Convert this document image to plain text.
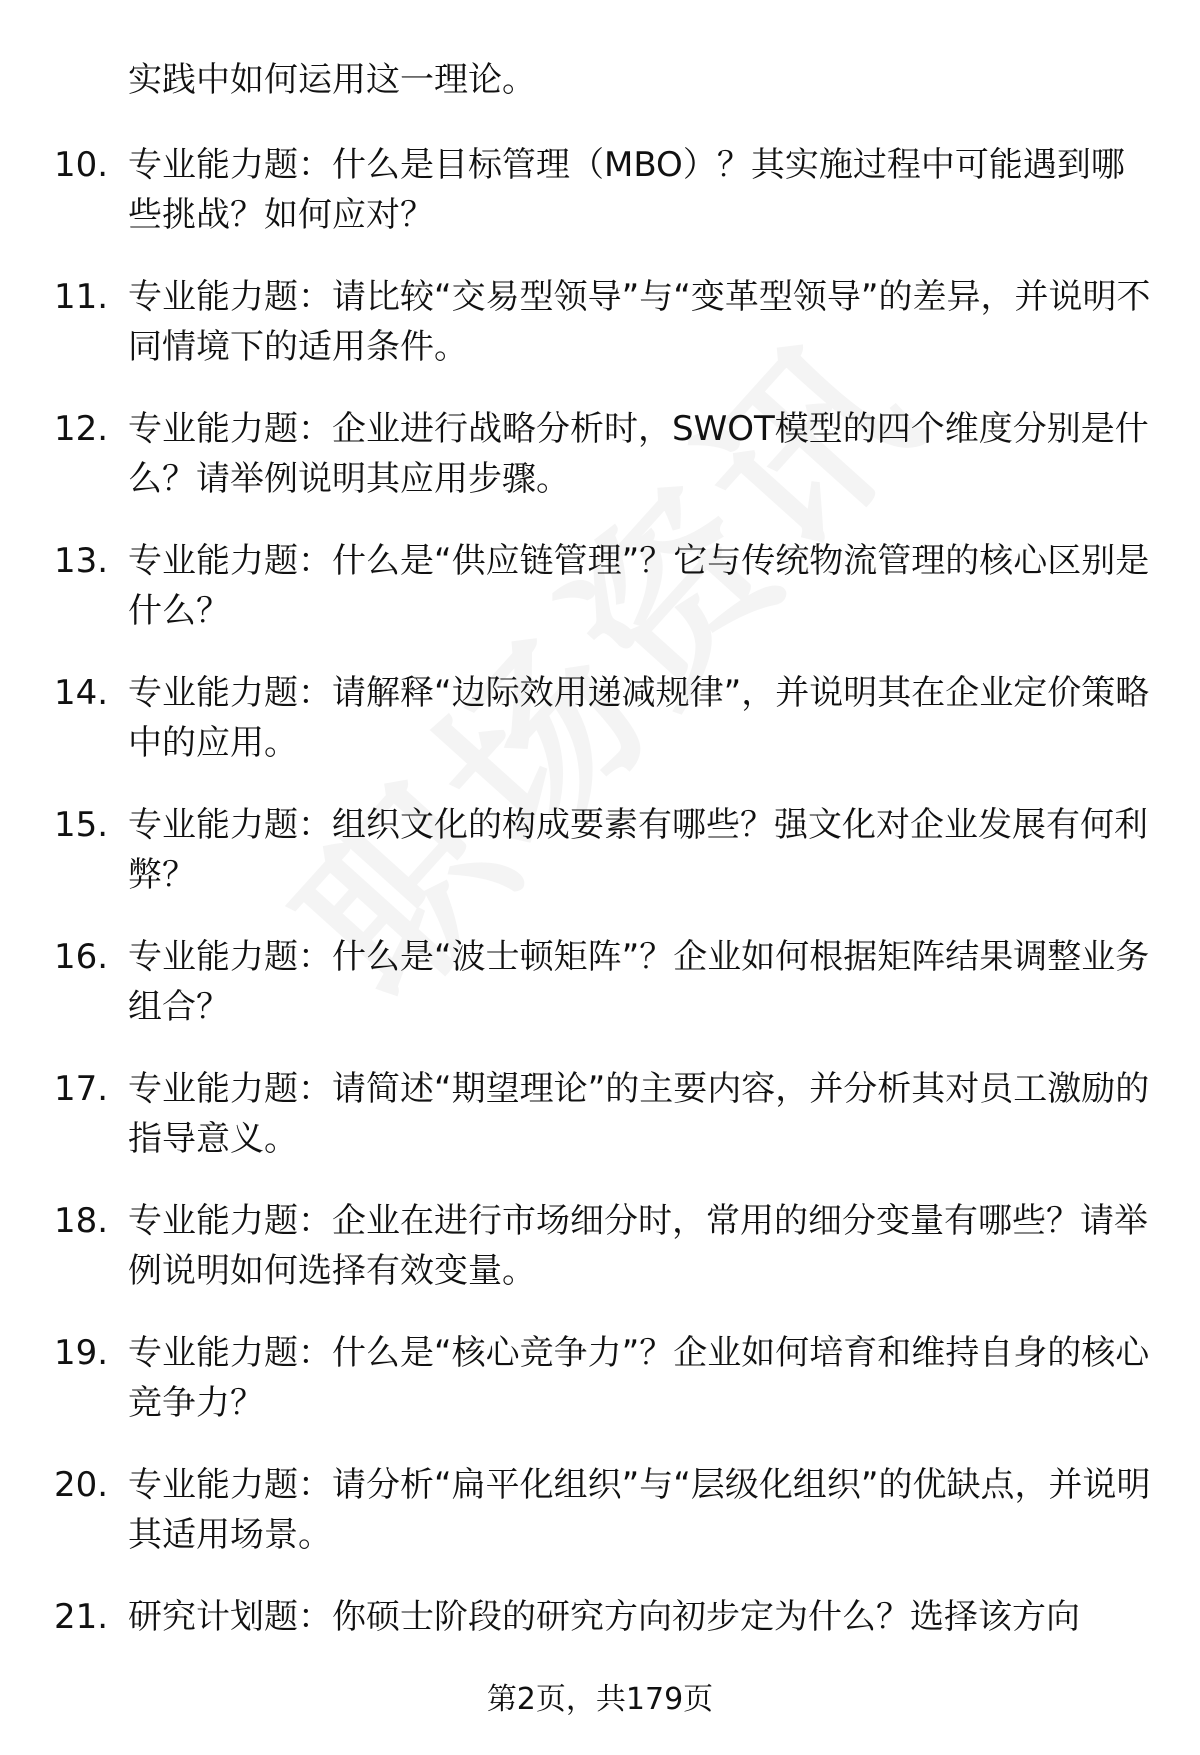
实践中如何运用这一理论。
10. 专业能力题：什么是目标管理（MBO）？其实施过程中可能遇到哪些挑战？如何应对？
11. 专业能力题：请比较“交易型领导”与“变革型领导”的差异，并说明不同情境下的适用条件。
12. 专业能力题：企业进行战略分析时，SWOT模型的四个维度分别是什么？请举例说明其应用步骤。
13. 专业能力题：什么是“供应链管理”？它与传统物流管理的核心区别是什么？
14. 专业能力题：请解释“边际效用递减规律”，并说明其在企业定价策略中的应用。
15. 专业能力题：组织文化的构成要素有哪些？强文化对企业发展有何利弊？
16. 专业能力题：什么是“波士顿矩阵”？企业如何根据矩阵结果调整业务组合？
17. 专业能力题：请简述“期望理论”的主要内容，并分析其对员工激励的指导意义。
18. 专业能力题：企业在进行市场细分时，常用的细分变量有哪些？请举例说明如何选择有效变量。
19. 专业能力题：什么是“核心竞争力”？企业如何培育和维持自身的核心竞争力？
20. 专业能力题：请分析“扁平化组织”与“层级化组织”的优缺点，并说明其适用场景。
21. 研究计划题：你硕士阶段的研究方向初步定为什么？选择该方向
第2页，共179页
